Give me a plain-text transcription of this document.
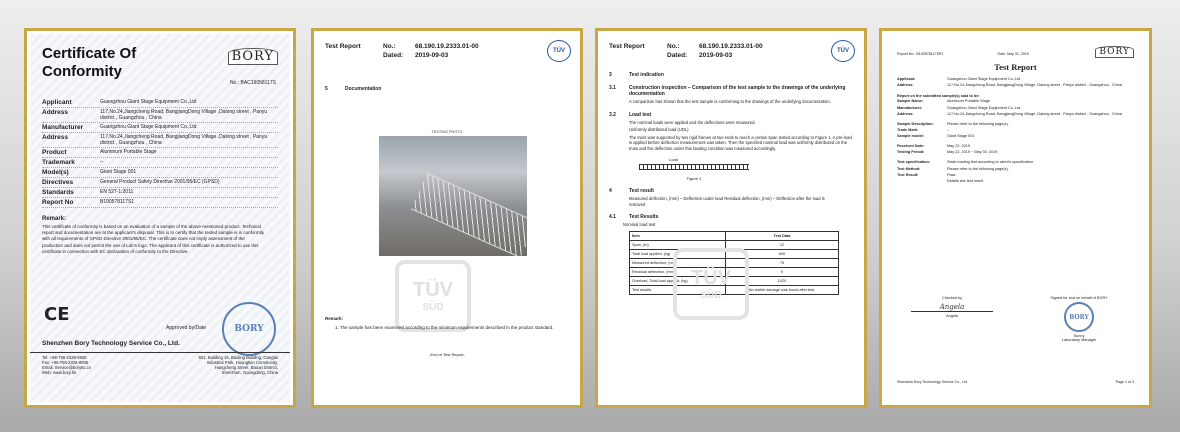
Certificate Of
Conformity
BORY
No.: BAC19058117S
Applicant	Guangzhou Giant Stage Equipment Co.,Ltd
Address	117,No.24,Jiangcheng Road, BangjiangDong Village ,Dalong street , Panyu district , Guangzhou , China
Manufacturer	Guangzhou Giant Stage Equipment Co.,Ltd
Address	117,No.24,Jiangcheng Road, BangjiangDong Village ,Dalong street , Panyu district , Guangzhou , China
Product	Aluminum Portable Stage
Trademark	--
Model(s)	Giant Stage 001
Directives	General Product Safety Directive 2001/95/EC (GPSD)
Standards	EN 527-1:2011
Report No	B190578117S1
Remark:
This certificate of conformity is based on an evaluation of a sample of the above-mentioned product. Technical report and documentation are at the applicant's disposal. This is to certify that the tested sample is in conformity with all requirements of GPSD Directive 2001/95/EC. The certificate does not imply assessment of the production and does not permit the use of Lab's logo. The applicant of this certificate is authorized to use this certificate in connection with EC declaration of conformity to the Directive.
CE
Approved by/Date	BORY
Shenzhen Bory Technology Service Co., Ltd.
Tel: +86-755-2328-9935
Fax: +86-755-2328-9935
Email: Service@boryttc.cn
Web: www.bory.hk
601, Building 16, Baoling Building, Gangtai
Industrial Park, Huangtian Community,
Hangcheng Street, Baoan District,
Shenzhen, Guangdong, China
Test Report	No.:	68.190.19.2333.01-00
Dated:	2019-09-03
TÜV
5	Documentation
TESTING PHOTO
TÜV
SÜD
Remark:
1. The sample has been examined according to the minimum requirements described in the product standard.
-End of Test Report-
Test Report	No.:	68.190.19.2333.01-00
Dated:	2019-09-03
TÜV
TÜV
SÜD
3	Test indication
3.1	Construction inspection – Comparison of the test sample to the drawings of the underlying documentation
A comparison has shown that the test sample is conforming to the drawings of the underlying documentation.
3.2	Load test
The nominal loads were applied and the deflections were measured.
Uniformly distributed load (UDL)
The truss was supported by two rigid frames at two ends to reach a certain span tested according to Figure 1. A pre-load is applied before deflection measurement was taken. Then the specified nominal load was uniformly distributed on the truss and the deflection under this loading condition was measured accordingly.
Load
Figure 1
4	Test result
Measured deflection, (mm) – Deflection under load Residual deflection, (mm) – Deflection after the load is removed
4.1	Test Results
Nominal load test
Item	Test Data
Span, (m)	12
Total load applied, (kg)	600
Measured deflection, (mm)	75
Residual deflection, (mm)	9
Overload, Total load applied, (kg)	1020
Test results	No visible damage was found after test.
Report No.: B190578117SR1	Date: May 31, 2019	BORY
Test Report
Applicant:	Guangzhou Giant Stage Equipment Co.,Ltd
Address:	117,No.24,Jiangcheng Road, BangjiangDong Village ,Dalong street , Panyu district , Guangzhou , China
Report on the submitted sample(s) said to be:
Sample Name:	Aluminum Portable Stage
Manufacturer:	Guangzhou Giant Stage Equipment Co.,Ltd
Address:	117,No.24,Jiangcheng Road, BangjiangDong Village ,Dalong street , Panyu district , Guangzhou , China
Sample Description:	Please refer to the following page(s).
Trade Mark:	--
Sample model:	Giant Stage 001
Received Date:	May 22, 2019
Testing Period:	May 22, 2019 ~ May 30, 2019
Test specification:	Static loading test according to client's specification
Test Method:	Please refer to the following page(s).
Test Result:	Pass
Details see test result
Checked by
Angela
Angela
Signed for and on behalf of BORY
BORY
Sunny
Laboratory Manager
Shenzhen Bory Technology Service Co., Ltd	Page 1 of 3
